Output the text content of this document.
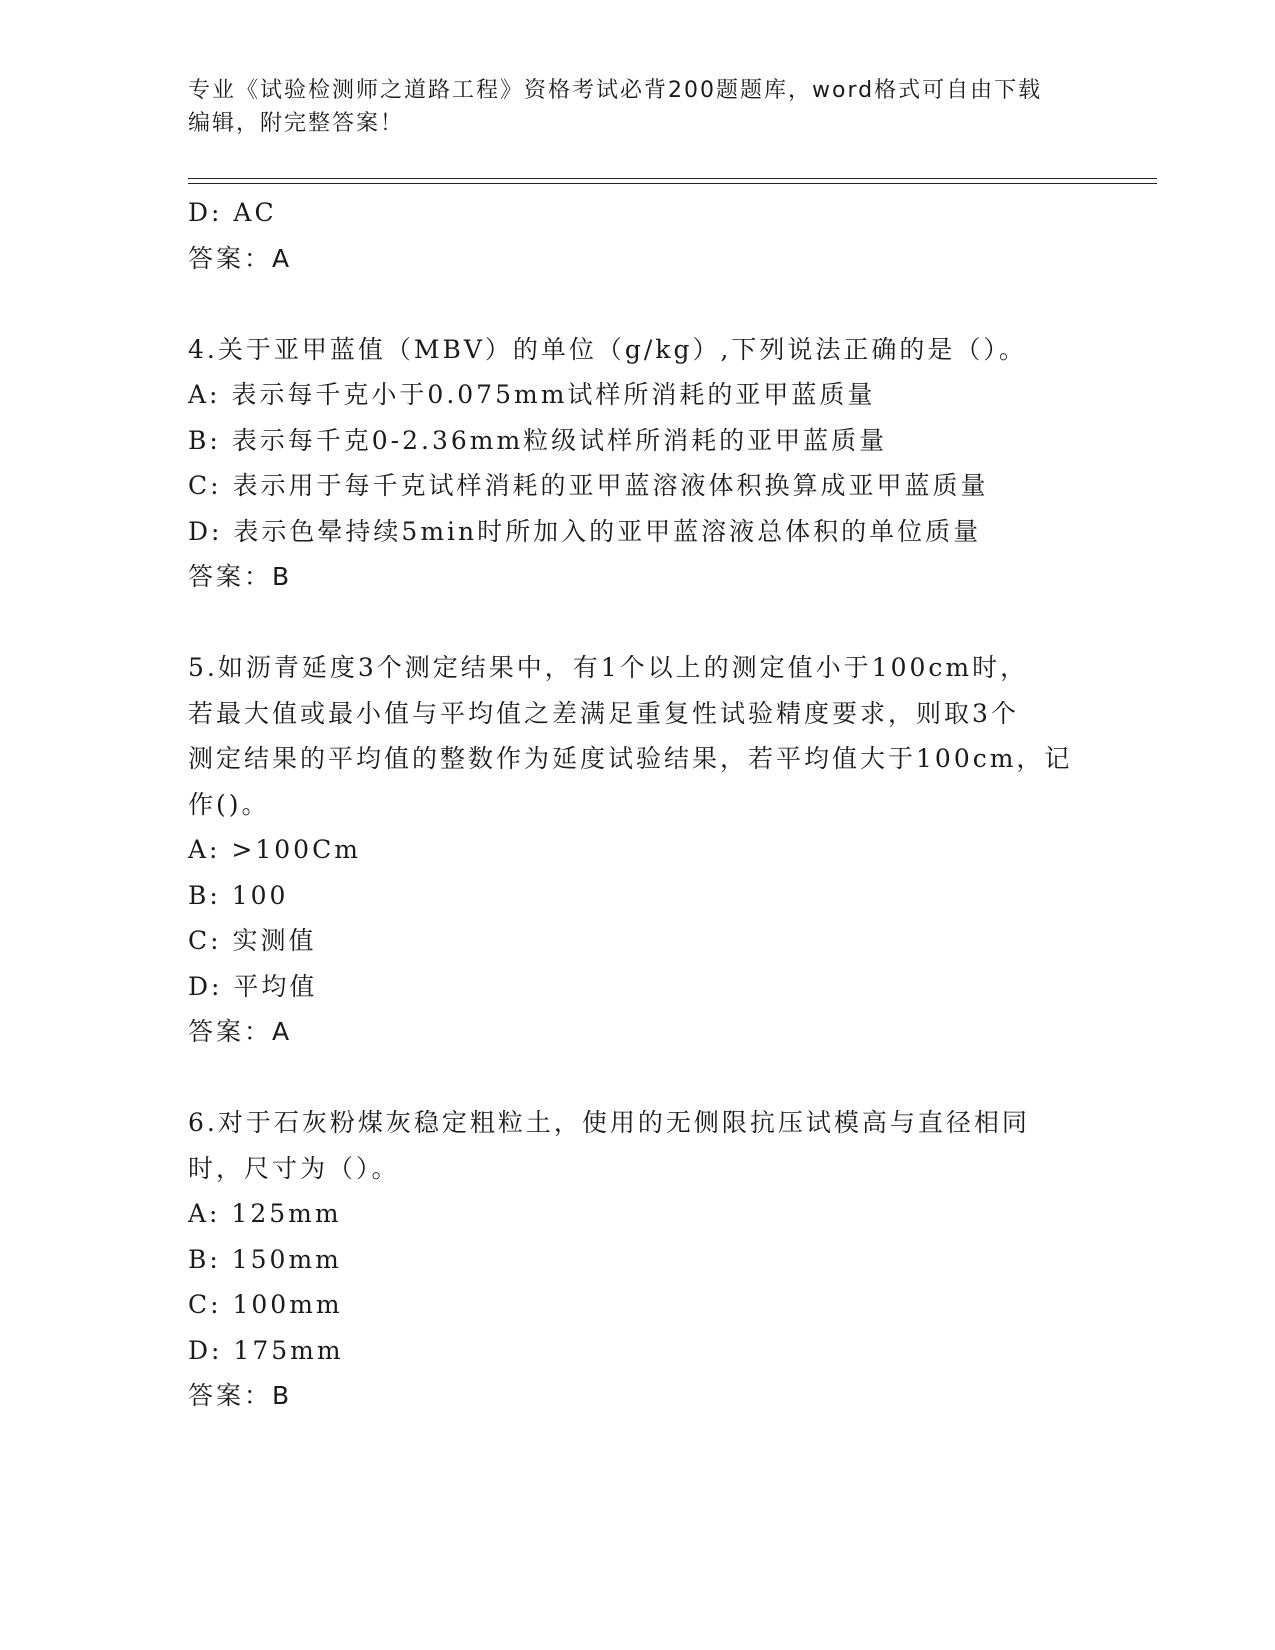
专业《试验检测师之道路工程》资格考试必背200题题库，word格式可自由下载
编辑，附完整答案！
D: AC
答案：A
4.关于亚甲蓝值（MBV）的单位（g/kg）,下列说法正确的是（）。
A: 表示每千克小于0.075mm试样所消耗的亚甲蓝质量
B: 表示每千克0-2.36mm粒级试样所消耗的亚甲蓝质量
C: 表示用于每千克试样消耗的亚甲蓝溶液体积换算成亚甲蓝质量
D: 表示色晕持续5min时所加入的亚甲蓝溶液总体积的单位质量
答案：B
5.如沥青延度3个测定结果中，有1个以上的测定值小于100cm时，
若最大值或最小值与平均值之差满足重复性试验精度要求，则取3个
测定结果的平均值的整数作为延度试验结果，若平均值大于100cm，记
作()。
A: >100Cm
B: 100
C: 实测值
D: 平均值
答案：A
6.对于石灰粉煤灰稳定粗粒土，使用的无侧限抗压试模高与直径相同
时，尺寸为（）。
A: 125mm
B: 150mm
C: 100mm
D: 175mm
答案：B
